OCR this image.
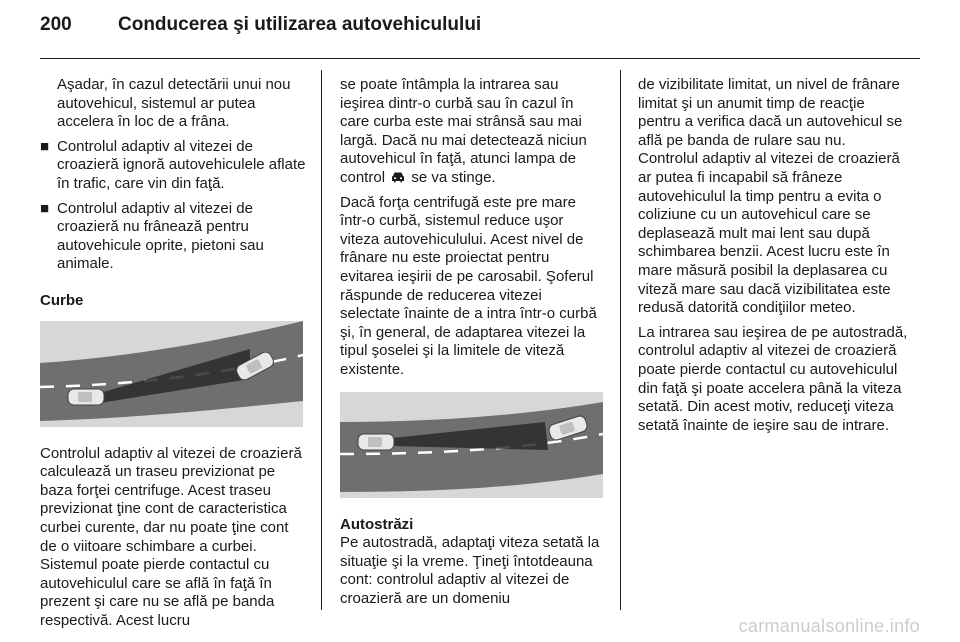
200 Conducerea şi utilizarea autovehiculului

Aşadar, în cazul detectării unui nou autovehicul, sistemul ar putea accelera în loc de a frâna.

■ Controlul adaptiv al vitezei de croazieră ignoră autovehiculele aflate în trafic, care vin din faţă.
■ Controlul adaptiv al vitezei de croazieră nu frânează pentru autovehicule oprite, pietoni sau animale.
Curbe

Controlul adaptiv al vitezei de croazieră calculează un traseu previzionat pe baza forţei centrifuge. Acest traseu previzionat ţine cont de caracteristica curbei curente, dar nu poate ţine cont de o viitoare schimbare a curbei. Sistemul poate pierde contactul cu autovehiculul care se află în faţă în prezent şi care nu se află pe banda respectivă. Acest lucru

se poate întâmpla la intrarea sau ieşirea dintr-o curbă sau în cazul în care curba este mai strânsă sau mai largă. Dacă nu mai detectează niciun autovehicul în faţă, atunci lampa de control se va stinge.

Dacă forţa centrifugă este pre mare într-o curbă, sistemul reduce uşor viteza autovehiculului. Acest nivel de frânare nu este proiectat pentru evitarea ieşirii de pe carosabil. Şoferul răspunde de reducerea vitezei selectate înainte de a intra într-o curbă şi, în general, de adaptarea vitezei la tipul şoselei şi la limitele de viteză existente.

Autostrăzi

Pe autostradă, adaptaţi viteza setată la situaţie şi la vreme. Ţineţi întotdeauna cont: controlul adaptiv al vitezei de croazieră are un domeniu

de vizibilitate limitat, un nivel de frânare limitat şi un anumit timp de reacţie pentru a verifica dacă un autovehicul se află pe banda de rulare sau nu. Controlul adaptiv al vitezei de croazieră ar putea fi incapabil să frâneze autovehiculul la timp pentru a evita o coliziune cu un autovehicul care se deplasează mult mai lent sau după schimbarea benzii. Acest lucru este în mare măsură posibil la deplasarea cu viteză mare sau dacă vizibilitatea este redusă datorită condiţiilor meteo.

La intrarea sau ieşirea de pe autostradă, controlul adaptiv al vitezei de croazieră poate pierde contactul cu autovehiculul din faţă şi poate accelera până la viteza setată. Din acest motiv, reduceţi viteza setată înainte de ieşire sau de intrare.

carmanualsonline.info
